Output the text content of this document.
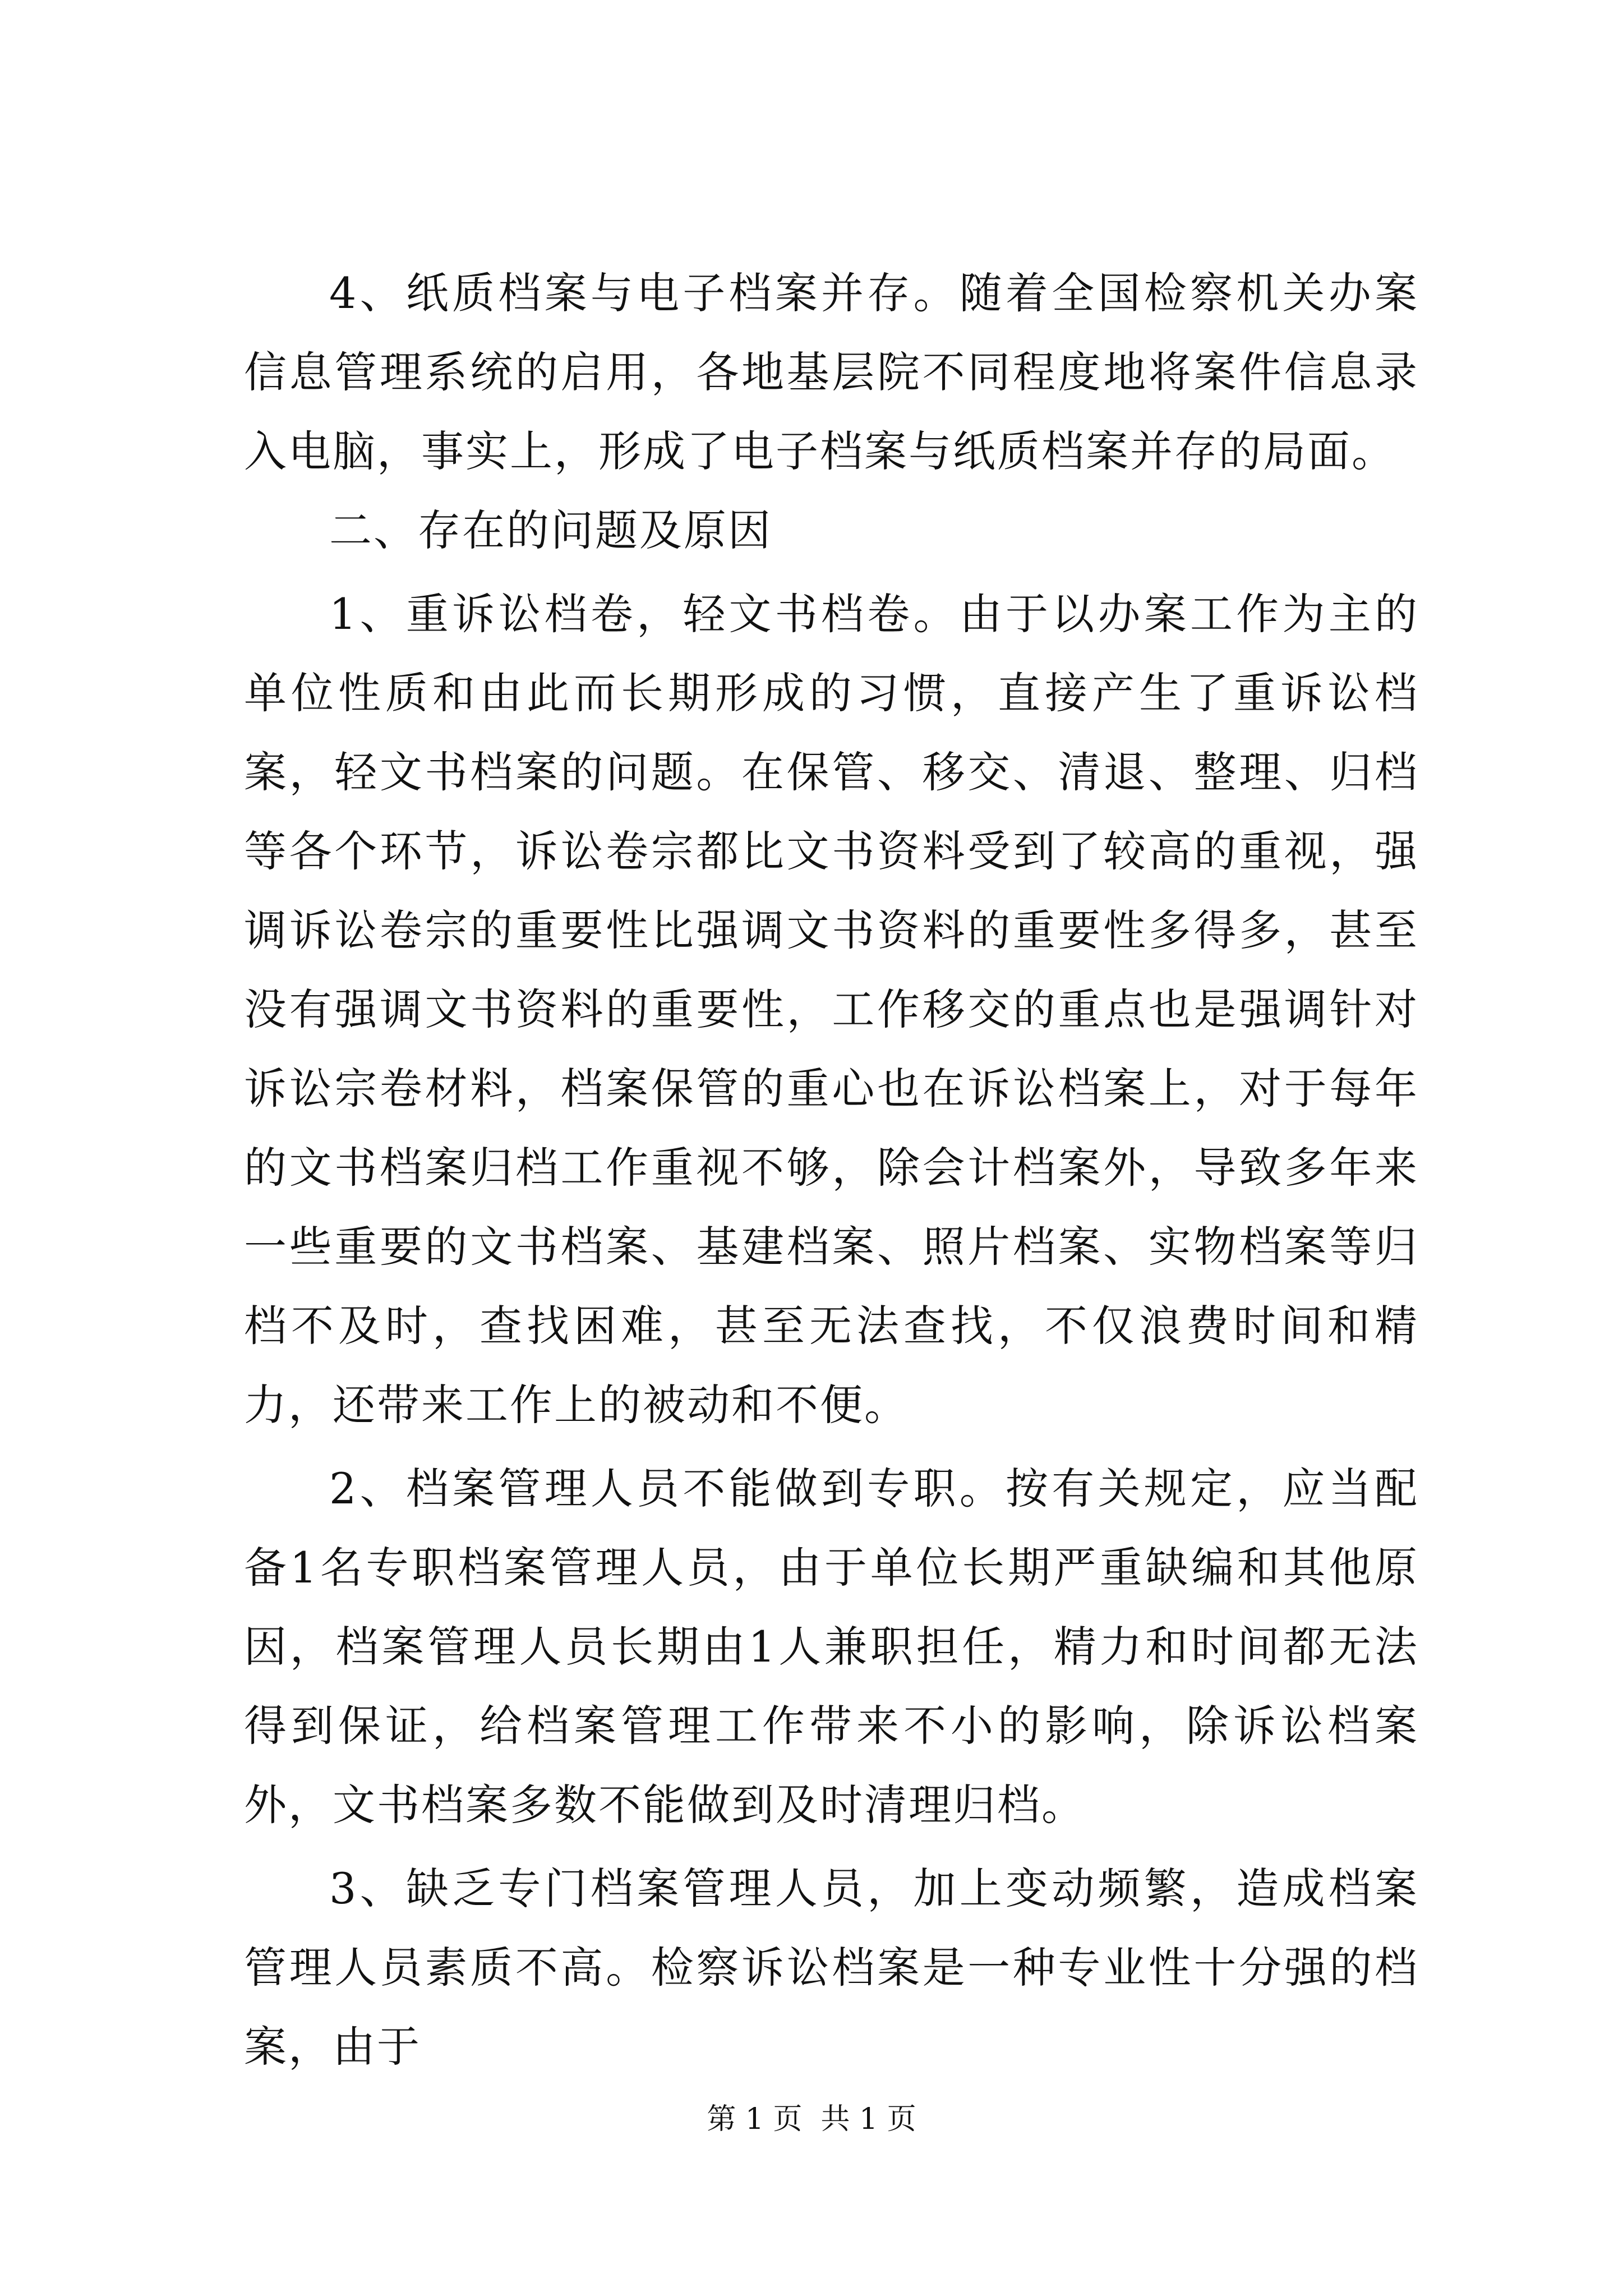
4、纸质档案与电子档案并存。随着全国检察机关办案信息管理系统的启用，各地基层院不同程度地将案件信息录入电脑，事实上，形成了电子档案与纸质档案并存的局面。

二、存在的问题及原因

1、重诉讼档卷，轻文书档卷。由于以办案工作为主的单位性质和由此而长期形成的习惯，直接产生了重诉讼档案，轻文书档案的问题。在保管、移交、清退、整理、归档等各个环节，诉讼卷宗都比文书资料受到了较高的重视，强调诉讼卷宗的重要性比强调文书资料的重要性多得多，甚至没有强调文书资料的重要性，工作移交的重点也是强调针对诉讼宗卷材料，档案保管的重心也在诉讼档案上，对于每年的文书档案归档工作重视不够，除会计档案外，导致多年来一些重要的文书档案、基建档案、照片档案、实物档案等归档不及时，查找困难，甚至无法查找，不仅浪费时间和精力，还带来工作上的被动和不便。

2、档案管理人员不能做到专职。按有关规定，应当配备1名专职档案管理人员，由于单位长期严重缺编和其他原因，档案管理人员长期由1人兼职担任，精力和时间都无法得到保证，给档案管理工作带来不小的影响，除诉讼档案外，文书档案多数不能做到及时清理归档。

3、缺乏专门档案管理人员，加上变动频繁，造成档案管理人员素质不高。检察诉讼档案是一种专业性十分强的档案，由于

第 1 页  共 1 页
